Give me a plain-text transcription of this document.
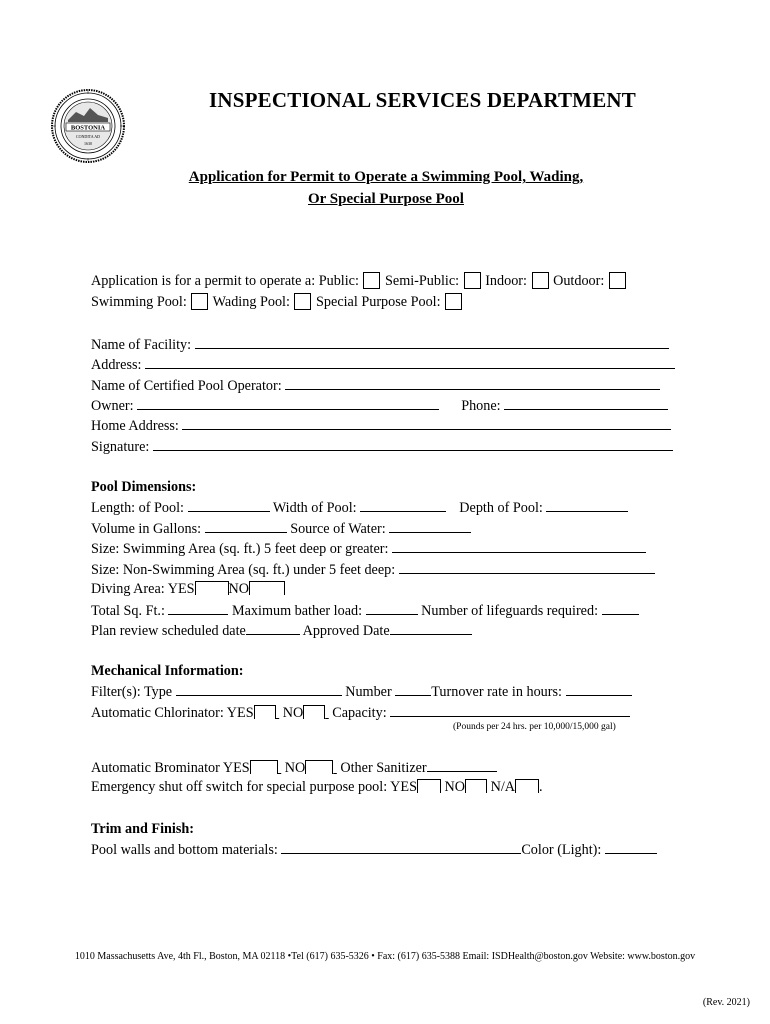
BOSTONIA
CONDITA AD
1630
INSPECTIONAL SERVICES DEPARTMENT
Application for Permit to Operate a Swimming Pool, Wading,
Or Special Purpose Pool
Application is for a permit to operate a: Public: Semi-Public: Indoor: Outdoor:
Swimming Pool: Wading Pool: Special Purpose Pool:
Name of Facility:
Address:
Name of Certified Pool Operator:
Owner:	Phone:
Home Address:
Signature:
Pool Dimensions:
Length: of Pool:	Width of Pool:	Depth of Pool:
Volume in Gallons:	Source of Water:
Size: Swimming Area (sq. ft.) 5 feet deep or greater:
Size: Non-Swimming Area (sq. ft.) under 5 feet deep:
Diving Area: YES NO
Total Sq. Ft.:	Maximum bather load:	Number of lifeguards required:
Plan review scheduled date	Approved Date
Mechanical Information:
Filter(s): Type	Number	Turnover rate in hours:
Automatic Chlorinator: YES NO Capacity:
(Pounds per 24 hrs. per 10,000/15,000 gal)
Automatic Brominator YES NO Other Sanitizer
Emergency shut off switch for special purpose pool: YES NO N/A .
Trim and Finish:
Pool walls and bottom materials:	Color (Light):
1010 Massachusetts Ave, 4th Fl., Boston, MA 02118 •Tel (617) 635-5326 • Fax: (617) 635-5388 Email: ISDHealth@boston.gov Website: www.boston.gov
(Rev. 2021)
